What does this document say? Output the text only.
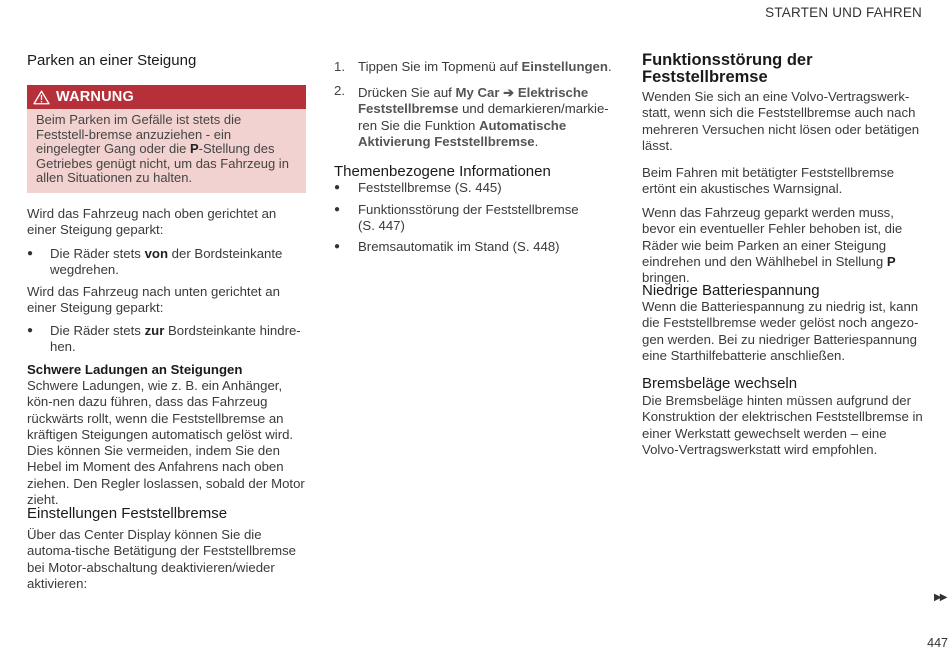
STARTEN UND FAHREN
Parken an einer Steigung
WARNUNG

Beim Parken im Gefälle ist stets die Feststell-bremse anzuziehen - ein eingelegter Gang oder die P-Stellung des Getriebes genügt nicht, um das Fahrzeug in allen Situationen zu halten.

Wird das Fahrzeug nach oben gerichtet an einer Steigung geparkt:

● Die Räder stets von der Bordsteinkante wegdrehen.

Wird das Fahrzeug nach unten gerichtet an einer Steigung geparkt:

● Die Räder stets zur Bordsteinkante hindre-hen.

Schwere Ladungen an Steigungen

Schwere Ladungen, wie z. B. ein Anhänger, kön-nen dazu führen, dass das Fahrzeug rückwärts rollt, wenn die Feststellbremse an kräftigen Steigungen automatisch gelöst wird. Dies können Sie vermeiden, indem Sie den Hebel im Moment des Anfahrens nach oben ziehen. Den Regler loslassen, sobald der Motor zieht.

Einstellungen Feststellbremse

Über das Center Display können Sie die automa-tische Betätigung der Feststellbremse bei Motor-abschaltung deaktivieren/wieder aktivieren:

1. Tippen Sie im Topmenü auf Einstellungen.

2. Drücken Sie auf My Car ➔ Elektrische Feststellbremse und demarkieren/markie-ren Sie die Funktion Automatische Aktivierung Feststellbremse.

Themenbezogene Informationen
● Feststellbremse (S. 445)

● Funktionsstörung der Feststellbremse (S. 447)

● Bremsautomatik im Stand (S. 448)

Funktionsstörung der Feststellbremse

Wenden Sie sich an eine Volvo-Vertragswerk-statt, wenn sich die Feststellbremse auch nach mehreren Versuchen nicht lösen oder betätigen lässt.

Beim Fahren mit betätigter Feststellbremse ertönt ein akustisches Warnsignal.

Wenn das Fahrzeug geparkt werden muss, bevor ein eventueller Fehler behoben ist, die Räder wie beim Parken an einer Steigung eindrehen und den Wählhebel in Stellung P bringen.

Niedrige Batteriespannung

Wenn die Batteriespannung zu niedrig ist, kann die Feststellbremse weder gelöst noch angezo-gen werden. Bei zu niedriger Batteriespannung eine Starthilfebatterie anschließen.

Bremsbeläge wechseln

Die Bremsbeläge hinten müssen aufgrund der Konstruktion der elektrischen Feststellbremse in einer Werkstatt gewechselt werden – eine Volvo-Vertragswerkstatt wird empfohlen.

▶▶
447
